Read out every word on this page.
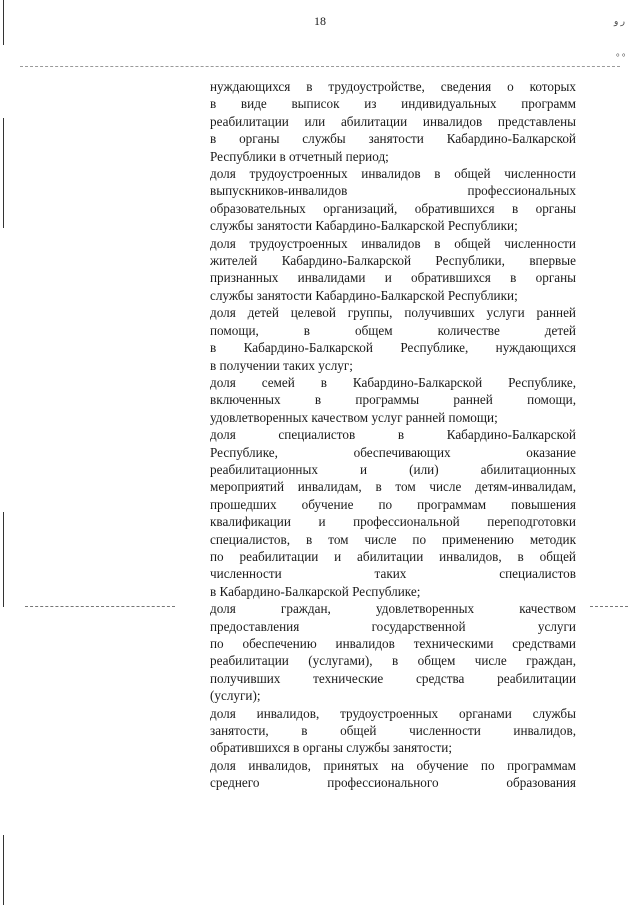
18	ر و
° °
нуждающихся в трудоустройстве, сведения о которых
в виде выписок из индивидуальных программ
реабилитации или абилитации инвалидов представлены
в органы службы занятости Кабардино-Балкарской
Республики в отчетный период;
доля трудоустроенных инвалидов в общей численности
выпускников-инвалидов профессиональных
образовательных организаций, обратившихся в органы
службы занятости Кабардино-Балкарской Республики;
доля трудоустроенных инвалидов в общей численности
жителей Кабардино-Балкарской Республики, впервые
признанных инвалидами и обратившихся в органы
службы занятости Кабардино-Балкарской Республики;
доля детей целевой группы, получивших услуги ранней
помощи, в общем количестве детей
в Кабардино-Балкарской Республике, нуждающихся
в получении таких услуг;
доля семей в Кабардино-Балкарской Республике,
включенных в программы ранней помощи,
удовлетворенных качеством услуг ранней помощи;
доля специалистов в Кабардино-Балкарской
Республике, обеспечивающих оказание
реабилитационных и (или) абилитационных
мероприятий инвалидам, в том числе детям-инвалидам,
прошедших обучение по программам повышения
квалификации и профессиональной переподготовки
специалистов, в том числе по применению методик
по реабилитации и абилитации инвалидов, в общей
численности таких специалистов
в Кабардино-Балкарской Республике;
доля граждан, удовлетворенных качеством
предоставления государственной услуги
по обеспечению инвалидов техническими средствами
реабилитации (услугами), в общем числе граждан,
получивших технические средства реабилитации
(услуги);
доля инвалидов, трудоустроенных органами службы
занятости, в общей численности инвалидов,
обратившихся в органы службы занятости;
доля инвалидов, принятых на обучение по программам
среднего профессионального образования
